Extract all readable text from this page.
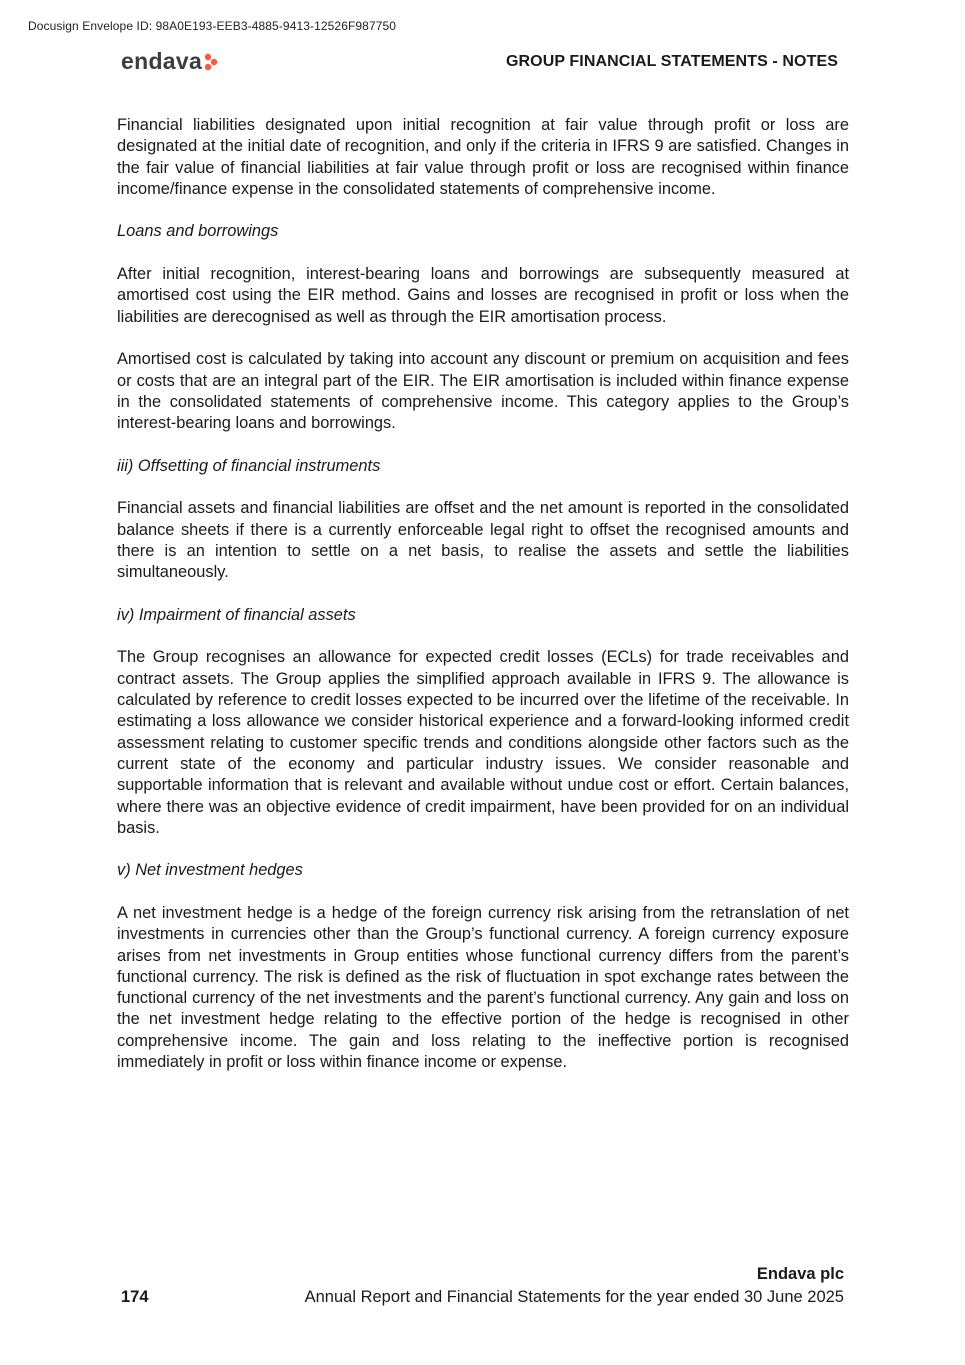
Docusign Envelope ID: 98A0E193-EEB3-4885-9413-12526F987750
endava	GROUP FINANCIAL STATEMENTS - NOTES

Financial liabilities designated upon initial recognition at fair value through profit or loss are designated at the initial date of recognition, and only if the criteria in IFRS 9 are satisfied. Changes in the fair value of financial liabilities at fair value through profit or loss are recognised within finance income/finance expense in the consolidated statements of comprehensive income.

Loans and borrowings

After initial recognition, interest-bearing loans and borrowings are subsequently measured at amortised cost using the EIR method. Gains and losses are recognised in profit or loss when the liabilities are derecognised as well as through the EIR amortisation process.

Amortised cost is calculated by taking into account any discount or premium on acquisition and fees or costs that are an integral part of the EIR. The EIR amortisation is included within finance expense in the consolidated statements of comprehensive income. This category applies to the Group’s interest-bearing loans and borrowings.

iii) Offsetting of financial instruments

Financial assets and financial liabilities are offset and the net amount is reported in the consolidated balance sheets if there is a currently enforceable legal right to offset the recognised amounts and there is an intention to settle on a net basis, to realise the assets and settle the liabilities simultaneously.

iv) Impairment of financial assets

The Group recognises an allowance for expected credit losses (ECLs) for trade receivables and contract assets. The Group applies the simplified approach available in IFRS 9. The allowance is calculated by reference to credit losses expected to be incurred over the lifetime of the receivable. In estimating a loss allowance we consider historical experience and a forward-looking informed credit assessment relating to customer specific trends and conditions alongside other factors such as the current state of the economy and particular industry issues. We consider reasonable and supportable information that is relevant and available without undue cost or effort. Certain balances, where there was an objective evidence of credit impairment, have been provided for on an individual basis.

v) Net investment hedges

A net investment hedge is a hedge of the foreign currency risk arising from the retranslation of net investments in currencies other than the Group’s functional currency. A foreign currency exposure arises from net investments in Group entities whose functional currency differs from the parent’s functional currency. The risk is defined as the risk of fluctuation in spot exchange rates between the functional currency of the net investments and the parent’s functional currency. Any gain and loss on the net investment hedge relating to the effective portion of the hedge is recognised in other comprehensive income. The gain and loss relating to the ineffective portion is recognised immediately in profit or loss within finance income or expense.

Endava plc
174	Annual Report and Financial Statements for the year ended 30 June 2025
